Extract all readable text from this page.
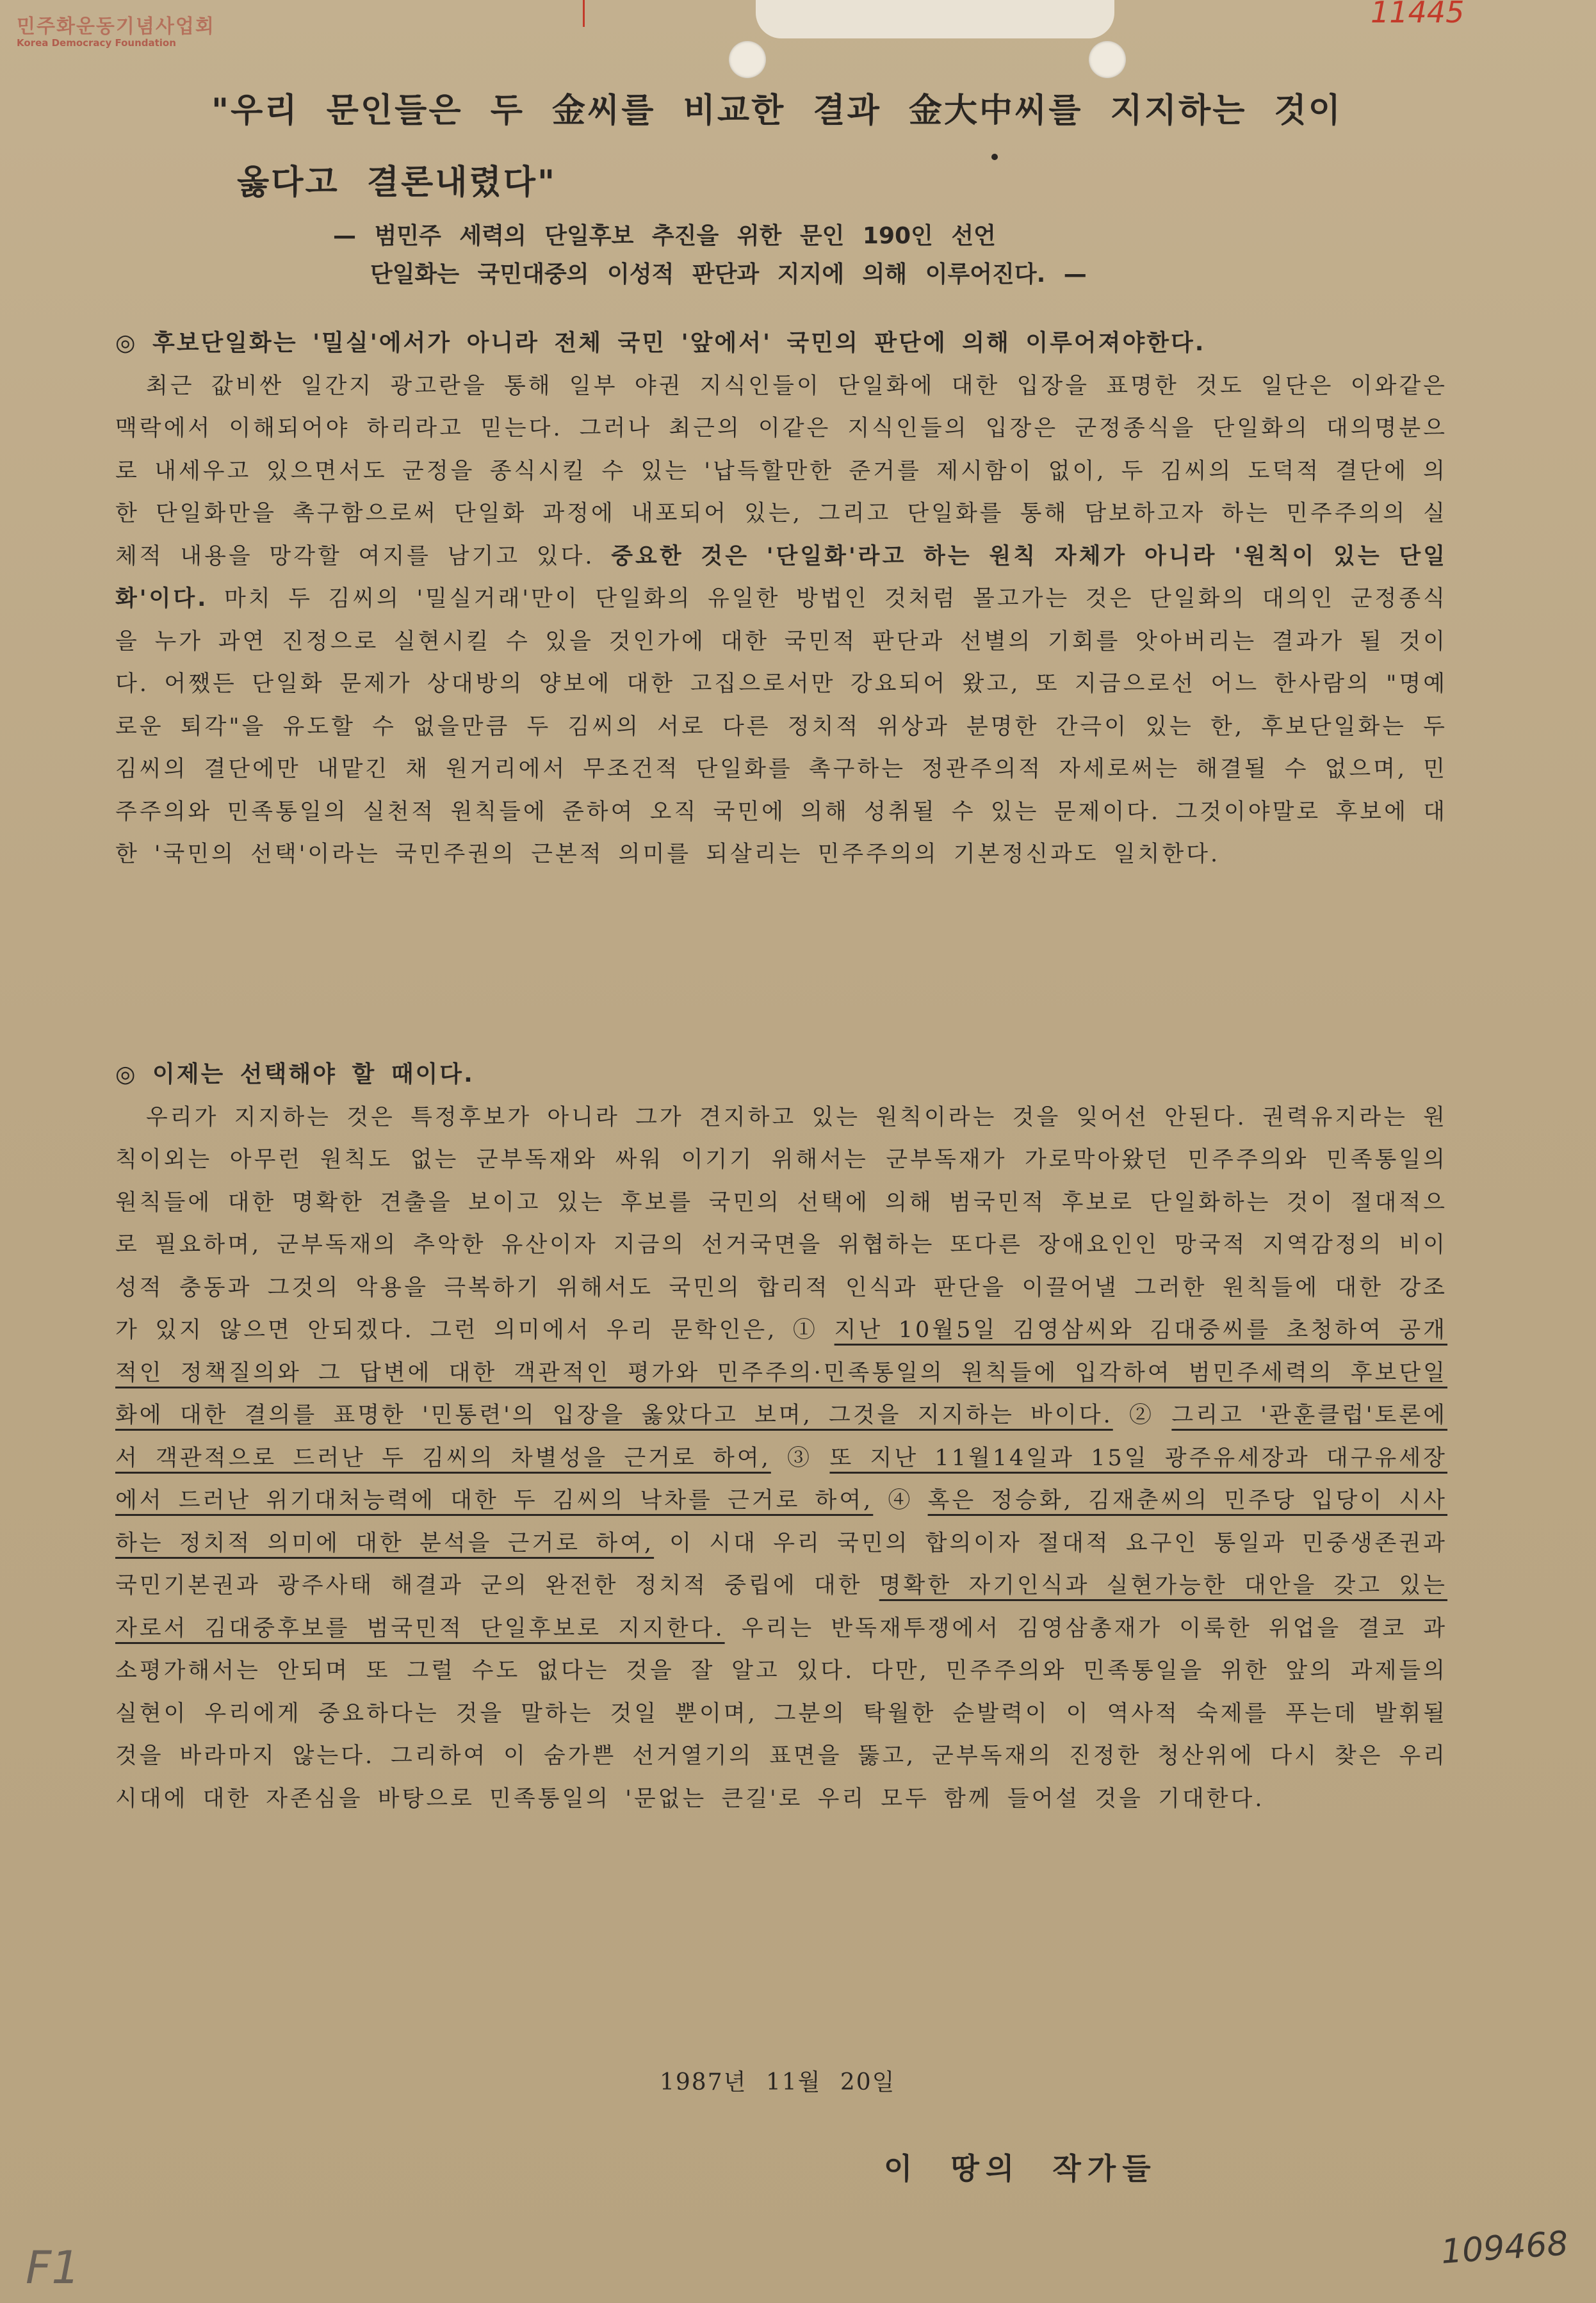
민주화운동기념사업회
Korea Democracy Foundation
11445
"우리 문인들은 두 金씨를 비교한 결과 金大中씨를 지지하는 것이
옳다고 결론내렸다"
— 범민주 세력의 단일후보 추진을 위한 문인 190인 선언
단일화는 국민대중의 이성적 판단과 지지에 의해 이루어진다. —
◎ 후보단일화는 '밀실'에서가 아니라 전체 국민 '앞에서' 국민의 판단에 의해 이루어져야한다.
최근 값비싼 일간지 광고란을 통해 일부 야권 지식인들이 단일화에 대한 입장을 표명한 것도 일단은 이와같은 맥락에서 이해되어야 하리라고 믿는다. 그러나 최근의 이같은 지식인들의 입장은 군정종식을 단일화의 대의명분으로 내세우고 있으면서도 군정을 종식시킬 수 있는 '납득할만한 준거를 제시함이 없이, 두 김씨의 도덕적 결단에 의한 단일화만을 촉구함으로써 단일화 과정에 내포되어 있는, 그리고 단일화를 통해 담보하고자 하는 민주주의의 실체적 내용을 망각할 여지를 남기고 있다. 중요한 것은 '단일화'라고 하는 원칙 자체가 아니라 '원칙이 있는 단일화'이다. 마치 두 김씨의 '밀실거래'만이 단일화의 유일한 방법인 것처럼 몰고가는 것은 단일화의 대의인 군정종식을 누가 과연 진정으로 실현시킬 수 있을 것인가에 대한 국민적 판단과 선별의 기회를 앗아버리는 결과가 될 것이다. 어쨌든 단일화 문제가 상대방의 양보에 대한 고집으로서만 강요되어 왔고, 또 지금으로선 어느 한사람의 "명예로운 퇴각"을 유도할 수 없을만큼 두 김씨의 서로 다른 정치적 위상과 분명한 간극이 있는 한, 후보단일화는 두 김씨의 결단에만 내맡긴 채 원거리에서 무조건적 단일화를 촉구하는 정관주의적 자세로써는 해결될 수 없으며, 민주주의와 민족통일의 실천적 원칙들에 준하여 오직 국민에 의해 성취될 수 있는 문제이다. 그것이야말로 후보에 대한 '국민의 선택'이라는 국민주권의 근본적 의미를 되살리는 민주주의의 기본정신과도 일치한다.
◎ 이제는 선택해야 할 때이다.
우리가 지지하는 것은 특정후보가 아니라 그가 견지하고 있는 원칙이라는 것을 잊어선 안된다. 권력유지라는 원칙이외는 아무런 원칙도 없는 군부독재와 싸워 이기기 위해서는 군부독재가 가로막아왔던 민주주의와 민족통일의 원칙들에 대한 명확한 견출을 보이고 있는 후보를 국민의 선택에 의해 범국민적 후보로 단일화하는 것이 절대적으로 필요하며, 군부독재의 추악한 유산이자 지금의 선거국면을 위협하는 또다른 장애요인인 망국적 지역감정의 비이성적 충동과 그것의 악용을 극복하기 위해서도 국민의 합리적 인식과 판단을 이끌어낼 그러한 원칙들에 대한 강조가 있지 않으면 안되겠다. 그런 의미에서 우리 문학인은, ① 지난 10월5일 김영삼씨와 김대중씨를 초청하여 공개적인 정책질의와 그 답변에 대한 객관적인 평가와 민주주의·민족통일의 원칙들에 입각하여 범민주세력의 후보단일화에 대한 결의를 표명한 '민통련'의 입장을 옳았다고 보며, 그것을 지지하는 바이다. ② 그리고 '관훈클럽'토론에서 객관적으로 드러난 두 김씨의 차별성을 근거로 하여, ③ 또 지난 11월14일과 15일 광주유세장과 대구유세장에서 드러난 위기대처능력에 대한 두 김씨의 낙차를 근거로 하여, ④ 혹은 정승화, 김재춘씨의 민주당 입당이 시사하는 정치적 의미에 대한 분석을 근거로 하여, 이 시대 우리 국민의 합의이자 절대적 요구인 통일과 민중생존권과 국민기본권과 광주사태 해결과 군의 완전한 정치적 중립에 대한 명확한 자기인식과 실현가능한 대안을 갖고 있는 자로서 김대중후보를 범국민적 단일후보로 지지한다. 우리는 반독재투쟁에서 김영삼총재가 이룩한 위업을 결코 과소평가해서는 안되며 또 그럴 수도 없다는 것을 잘 알고 있다. 다만, 민주주의와 민족통일을 위한 앞의 과제들의 실현이 우리에게 중요하다는 것을 말하는 것일 뿐이며, 그분의 탁월한 순발력이 이 역사적 숙제를 푸는데 발휘될 것을 바라마지 않는다. 그리하여 이 숨가쁜 선거열기의 표면을 뚫고, 군부독재의 진정한 청산위에 다시 찾은 우리 시대에 대한 자존심을 바탕으로 민족통일의 '문없는 큰길'로 우리 모두 함께 들어설 것을 기대한다.
1987년 11월 20일
이 땅의 작가들
F1	109468
